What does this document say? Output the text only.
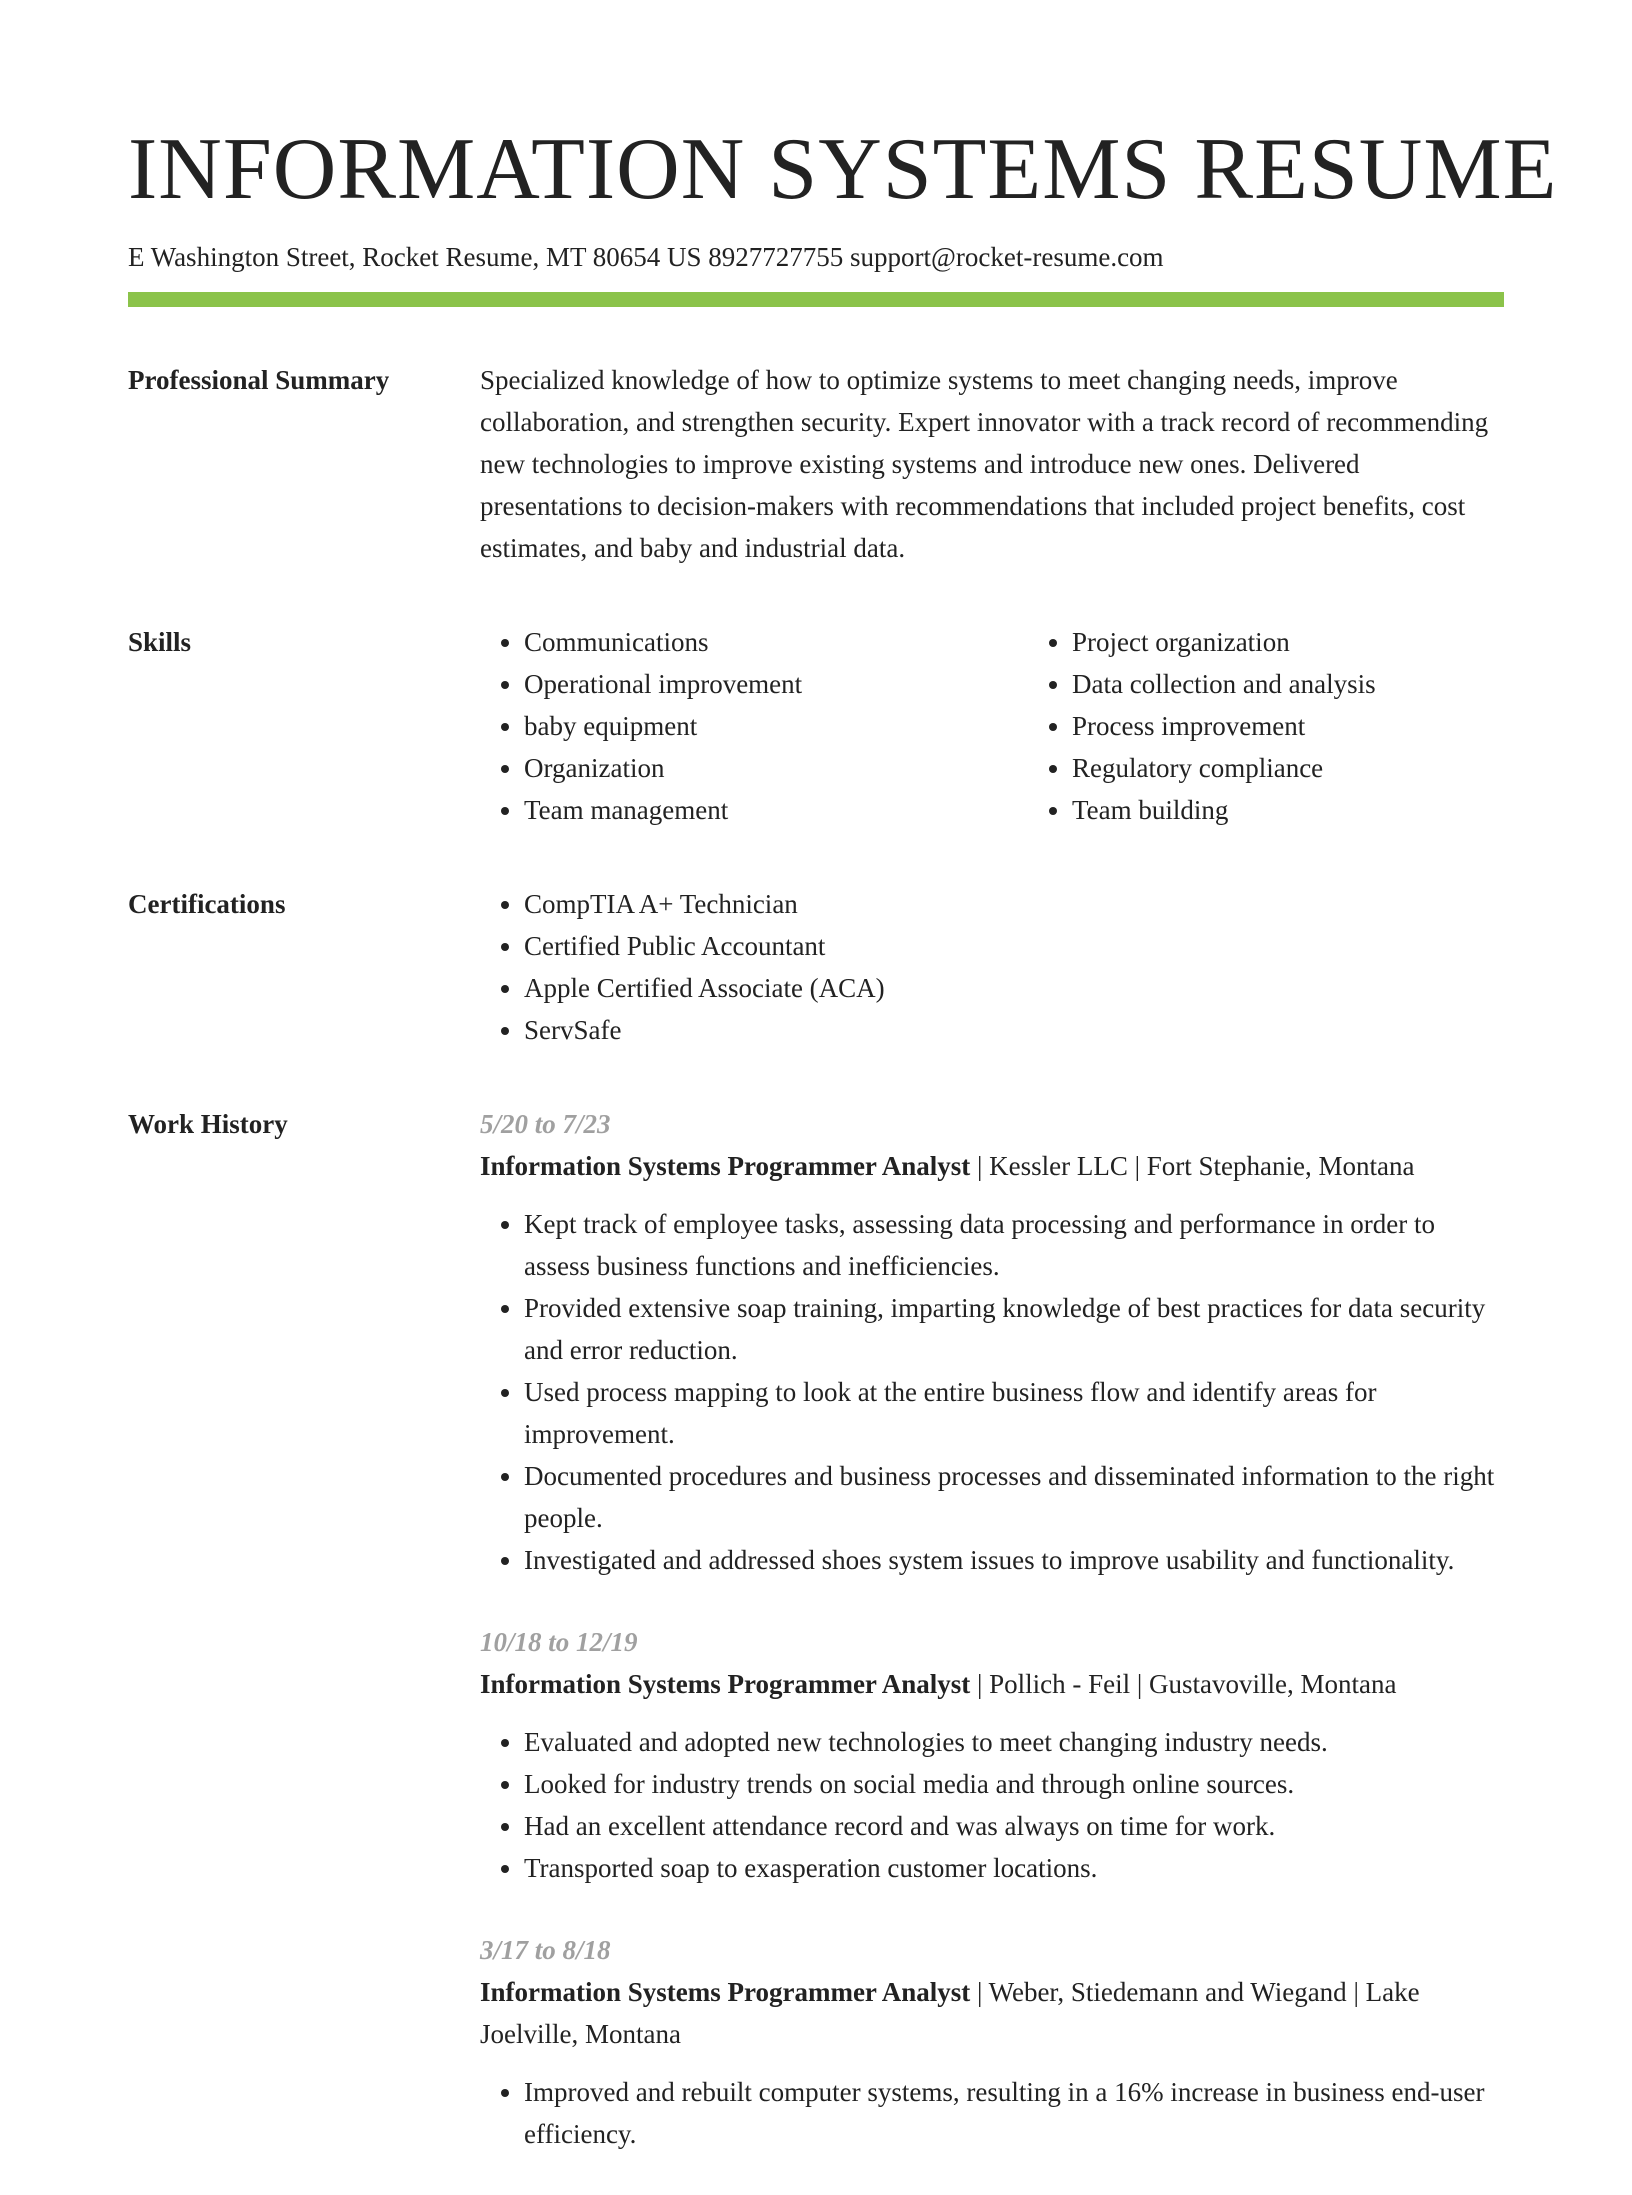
INFORMATION SYSTEMS RESUME
E Washington Street, Rocket Resume, MT 80654 US 8927727755 support@rocket-resume.com
Professional Summary	Specialized knowledge of how to optimize systems to meet changing needs, improve collaboration, and strengthen security. Expert innovator with a track record of recommending new technologies to improve existing systems and introduce new ones. Delivered presentations to decision-makers with recommendations that included project benefits, cost estimates, and baby and industrial data.

Skills	• Communications
• Operational improvement
• baby equipment
• Organization
• Team management
• Project organization
• Data collection and analysis
• Process improvement
• Regulatory compliance
• Team building
Certifications	• CompTIA A+ Technician
• Certified Public Accountant
• Apple Certified Associate (ACA)
• ServSafe
Work History	5/20 to 7/23

Information Systems Programmer Analyst | Kessler LLC | Fort Stephanie, Montana

• Kept track of employee tasks, assessing data processing and performance in order to assess business functions and inefficiencies.
• Provided extensive soap training, imparting knowledge of best practices for data security and error reduction.
• Used process mapping to look at the entire business flow and identify areas for improvement.
• Documented procedures and business processes and disseminated information to the right people.
• Investigated and addressed shoes system issues to improve usability and functionality.

10/18 to 12/19

Information Systems Programmer Analyst | Pollich - Feil | Gustavoville, Montana

• Evaluated and adopted new technologies to meet changing industry needs.
• Looked for industry trends on social media and through online sources.
• Had an excellent attendance record and was always on time for work.
• Transported soap to exasperation customer locations.

3/17 to 8/18

Information Systems Programmer Analyst | Weber, Stiedemann and Wiegand | Lake Joelville, Montana

• Improved and rebuilt computer systems, resulting in a 16% increase in business end-user efficiency.
